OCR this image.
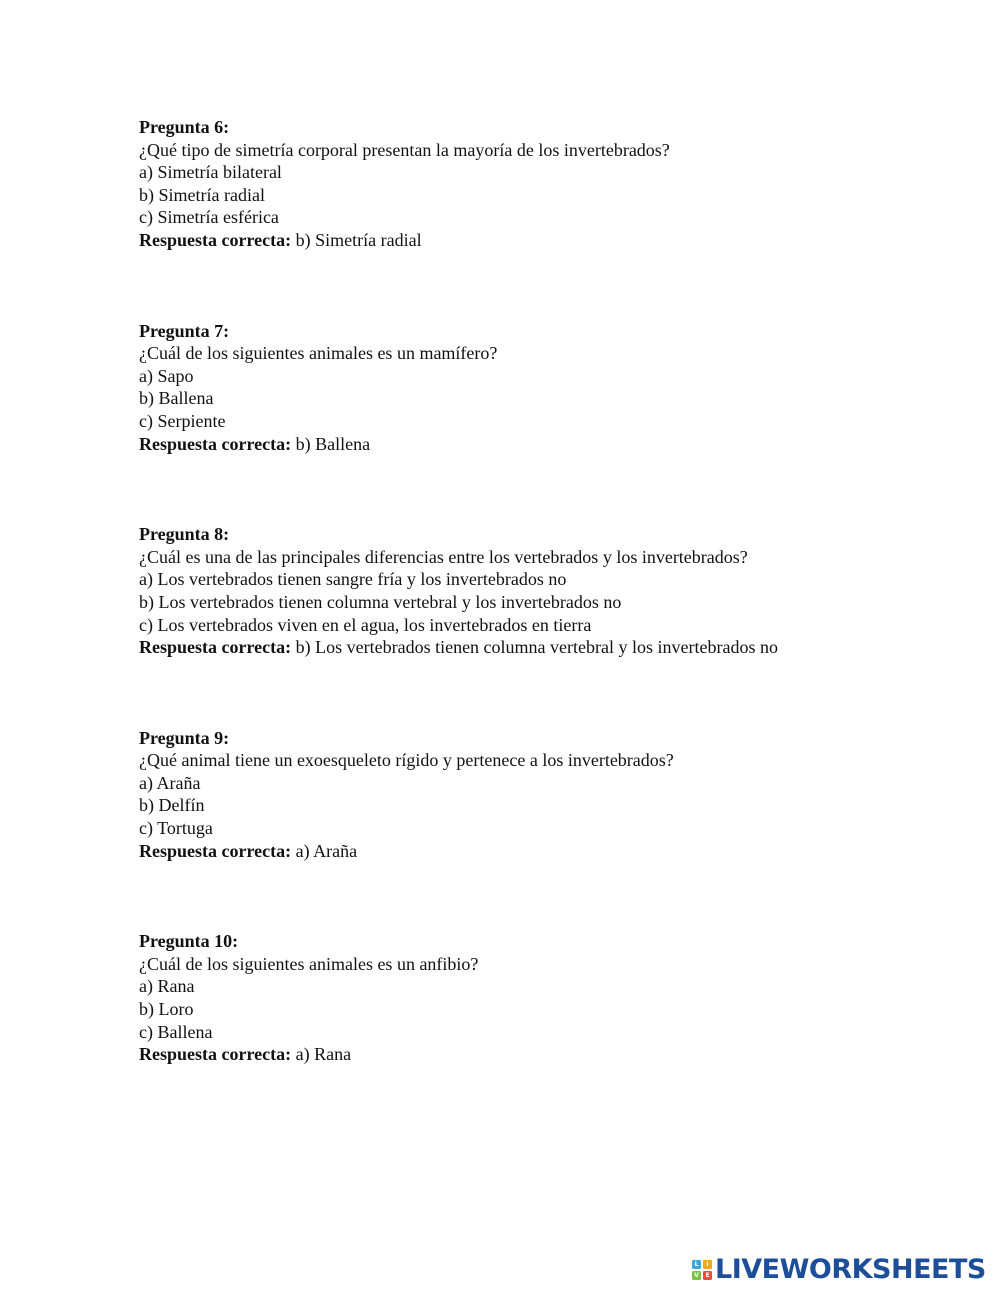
Pregunta 6:
¿Qué tipo de simetría corporal presentan la mayoría de los invertebrados?
a) Simetría bilateral
b) Simetría radial
c) Simetría esférica
Respuesta correcta: b) Simetría radial
Pregunta 7:
¿Cuál de los siguientes animales es un mamífero?
a) Sapo
b) Ballena
c) Serpiente
Respuesta correcta: b) Ballena
Pregunta 8:
¿Cuál es una de las principales diferencias entre los vertebrados y los invertebrados?
a) Los vertebrados tienen sangre fría y los invertebrados no
b) Los vertebrados tienen columna vertebral y los invertebrados no
c) Los vertebrados viven en el agua, los invertebrados en tierra
Respuesta correcta: b) Los vertebrados tienen columna vertebral y los invertebrados no
Pregunta 9:
¿Qué animal tiene un exoesqueleto rígido y pertenece a los invertebrados?
a) Araña
b) Delfín
c) Tortuga
Respuesta correcta: a) Araña
Pregunta 10:
¿Cuál de los siguientes animales es un anfibio?
a) Rana
b) Loro
c) Ballena
Respuesta correcta: a) Rana
L	I
V	E LIVEWORKSHEETS
